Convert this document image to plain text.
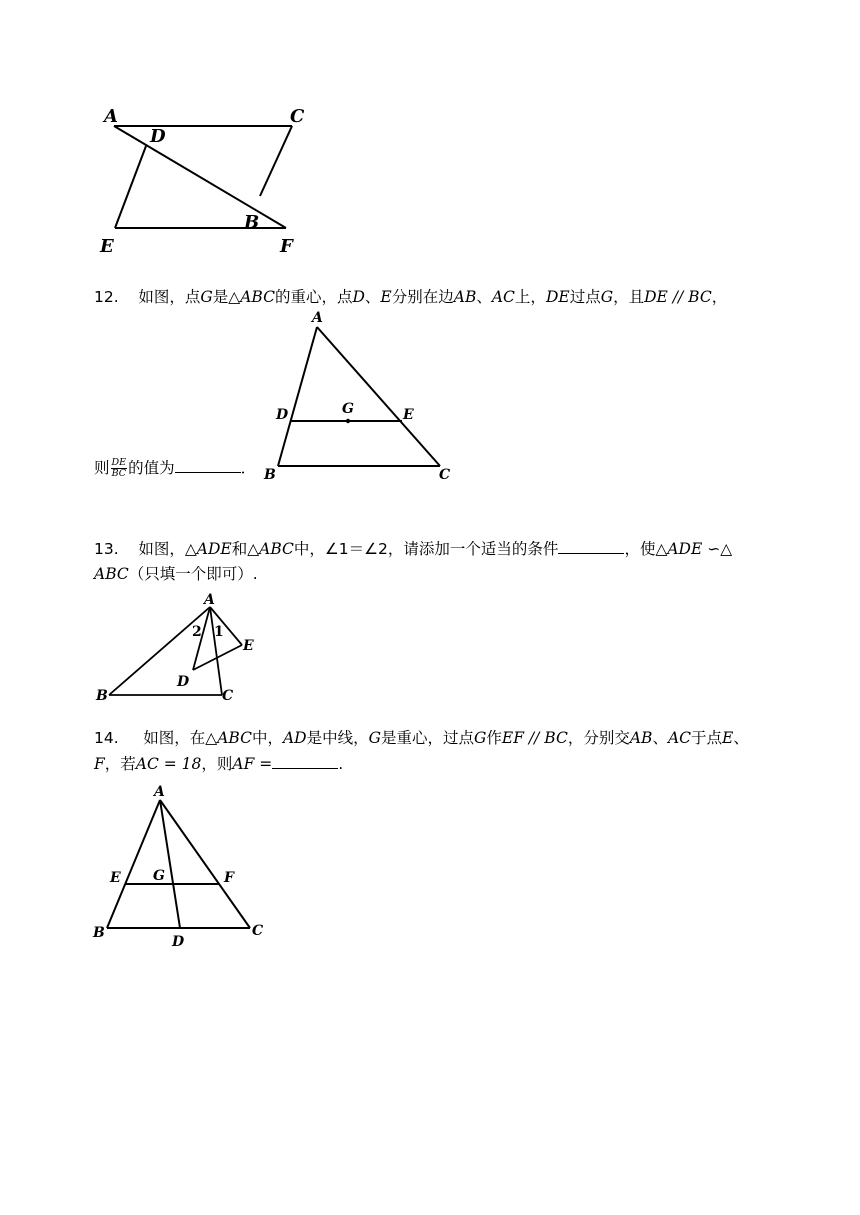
A	C
D
B
E	F
12. 如图，点G是△ABC的重心，点D、E分别在边AB、AC上，DE过点G，且DE // BC，
A
D	G	E
B	C
则 $\frac{DE}{BC}$ 的值为	．
13. 如图，△ADE和△ABC中，∠1＝∠2，请添加一个适当的条件	，使△ADE ∽△
ABC（只填一个即可）.
A
E
B
D
C
1
2
14. 如图，在△ABC中，AD是中线，G是重心，过点G作EF // BC，分别交AB、AC于点E、
F，若AC = 18，则AF =	.
A
E G	F
B
D
C
